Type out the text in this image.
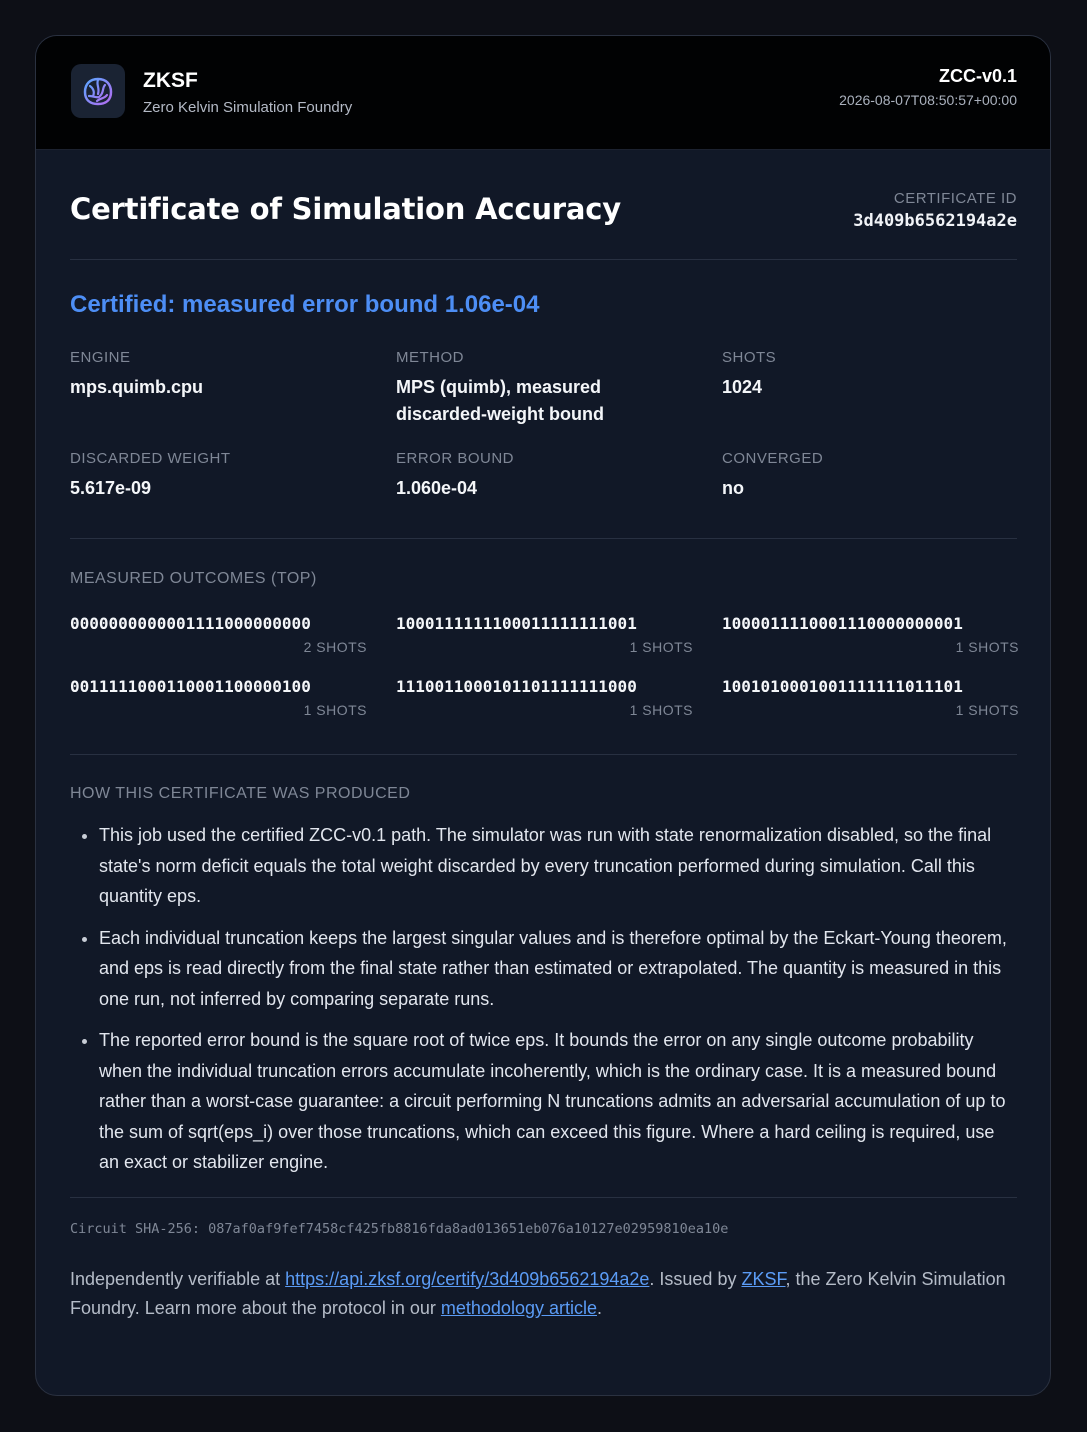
ZKSF
Zero Kelvin Simulation Foundry
ZCC-v0.1
2026-08-07T08:50:57+00:00
Certificate of Simulation Accuracy	CERTIFICATE ID
3d409b6562194a2e
Certified: measured error bound 1.06e-04
ENGINE
mps.quimb.cpu
METHOD
MPS (quimb), measured discarded-weight bound
SHOTS
1024
DISCARDED WEIGHT
5.617e-09
ERROR BOUND
1.060e-04
CONVERGED
no
MEASURED OUTCOMES (TOP)
0000000000001111000000000
2 SHOTS
1000111111100011111111001
1 SHOTS
1000011110001110000000001
1 SHOTS
0011111000110001100000100
1 SHOTS
1110011000101101111111000
1 SHOTS
1001010001001111111011101
1 SHOTS
HOW THIS CERTIFICATE WAS PRODUCED
• This job used the certified ZCC-v0.1 path. The simulator was run with state renormalization disabled, so the final state's norm deficit equals the total weight discarded by every truncation performed during simulation. Call this quantity eps.
• Each individual truncation keeps the largest singular values and is therefore optimal by the Eckart-Young theorem, and eps is read directly from the final state rather than estimated or extrapolated. The quantity is measured in this one run, not inferred by comparing separate runs.
• The reported error bound is the square root of twice eps. It bounds the error on any single outcome probability when the individual truncation errors accumulate incoherently, which is the ordinary case. It is a measured bound rather than a worst-case guarantee: a circuit performing N truncations admits an adversarial accumulation of up to the sum of sqrt(eps_i) over those truncations, which can exceed this figure. Where a hard ceiling is required, use an exact or stabilizer engine.
Circuit SHA-256: 087af0af9fef7458cf425fb8816fda8ad013651eb076a10127e02959810ea10e
Independently verifiable at https://api.zksf.org/certify/3d409b6562194a2e. Issued by ZKSF, the Zero Kelvin Simulation Foundry. Learn more about the protocol in our methodology article.
